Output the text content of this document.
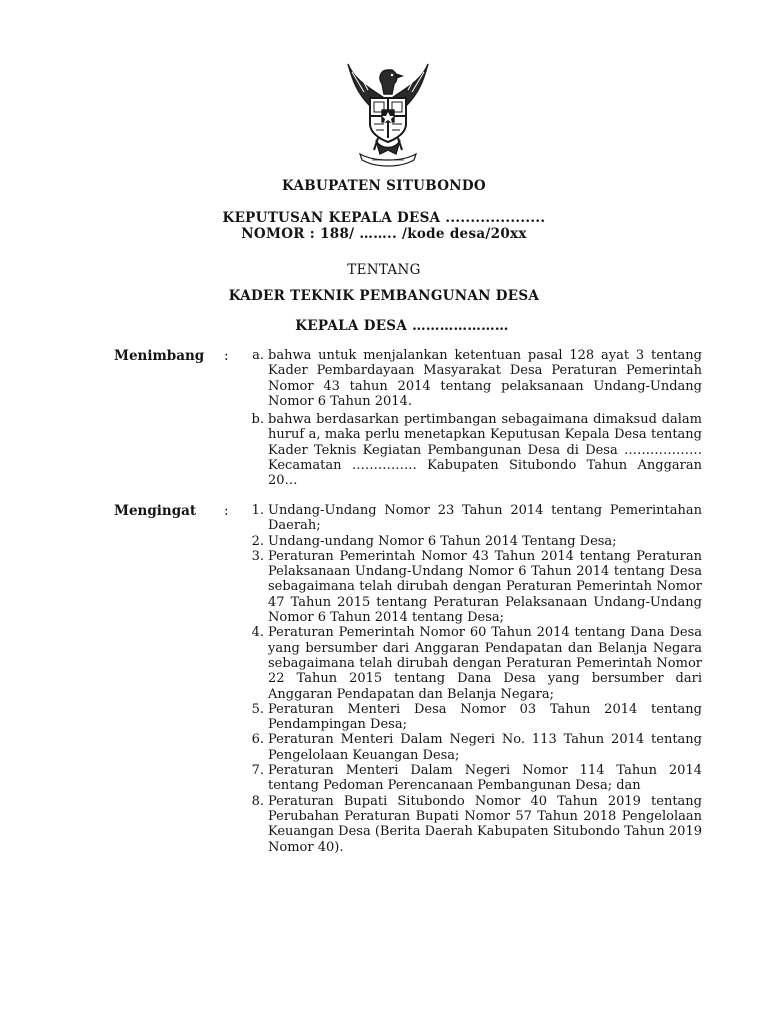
KABUPATEN SITUBONDO
KEPUTUSAN KEPALA DESA ....................
NOMOR : 188/ …….. /kode desa/20xx
TENTANG
KADER TEKNIK PEMBANGUNAN DESA
KEPALA DESA …………………
Menimbang :	a. bahwa untuk menjalankan ketentuan pasal 128 ayat 3 tentang Kader Pembardayaan Masyarakat Desa Peraturan Pemerintah Nomor 43 tahun 2014 tentang pelaksanaan Undang-Undang Nomor 6 Tahun 2014.
b. bahwa berdasarkan pertimbangan sebagaimana dimaksud dalam huruf a, maka perlu menetapkan Keputusan Kepala Desa tentang Kader Teknis Kegiatan Pembangunan Desa di Desa ……………… Kecamatan …………… Kabupaten Situbondo Tahun Anggaran 20…
Mengingat :	1. Undang-Undang Nomor 23 Tahun 2014 tentang Pemerintahan Daerah;
2. Undang-undang Nomor 6 Tahun 2014 Tentang Desa;
3. Peraturan Pemerintah Nomor 43 Tahun 2014 tentang Peraturan Pelaksanaan Undang-Undang Nomor 6 Tahun 2014 tentang Desa sebagaimana telah dirubah dengan Peraturan Pemerintah Nomor 47 Tahun 2015 tentang Peraturan Pelaksanaan Undang-Undang Nomor 6 Tahun 2014 tentang Desa;
4. Peraturan Pemerintah Nomor 60 Tahun 2014 tentang Dana Desa yang bersumber dari Anggaran Pendapatan dan Belanja Negara sebagaimana telah dirubah dengan Peraturan Pemerintah Nomor 22 Tahun 2015 tentang Dana Desa yang bersumber dari Anggaran Pendapatan dan Belanja Negara;
5. Peraturan Menteri Desa Nomor 03 Tahun 2014 tentang Pendampingan Desa;
6. Peraturan Menteri Dalam Negeri No. 113 Tahun 2014 tentang Pengelolaan Keuangan Desa;
7. Peraturan Menteri Dalam Negeri Nomor 114 Tahun 2014 tentang Pedoman Perencanaan Pembangunan Desa; dan
8. Peraturan Bupati Situbondo Nomor 40 Tahun 2019 tentang Perubahan Peraturan Bupati Nomor 57 Tahun 2018 Pengelolaan Keuangan Desa (Berita Daerah Kabupaten Situbondo Tahun 2019 Nomor 40).
